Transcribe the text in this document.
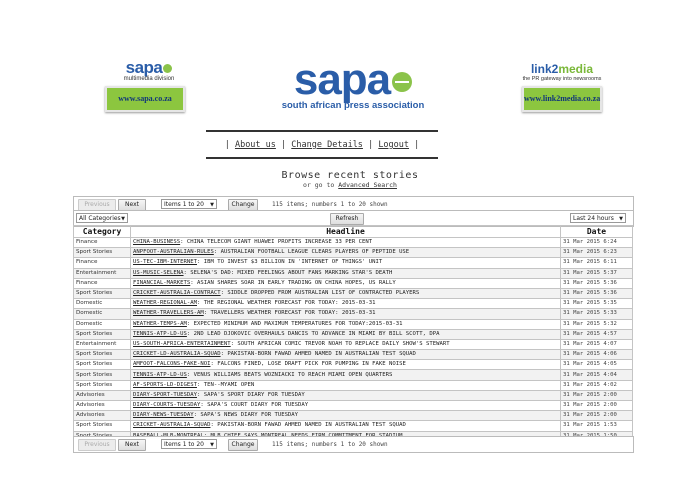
sapa
multimedia division
www.sapa.co.za	sapa
south african press association
link2media
the PR gateway into newsrooms
www.link2media.co.za
| About us | Change Details | Logout |
Browse recent stories
or go to Advanced Search
Previous	Next	Items 1 to 20 ▼	Change	115 items; numbers 1 to 20 shown
All Categories ▼	Refresh	Last 24 hours ▼
Category	Headline	Date
Finance	CHINA-BUSINESS: CHINA TELECOM GIANT HUAWEI PROFITS INCREASE 33 PER CENT	31 Mar 2015 6:24
Sport Stories	ANPFOOT-AUSTRALIAN-RULES: AUSTRALIAN FOOTBALL LEAGUE CLEARS PLAYERS OF PEPTIDE USE	31 Mar 2015 6:23
Finance	US-TEC-IBM-INTERNET: IBM TO INVEST $3 BILLION IN 'INTERNET OF THINGS' UNIT	31 Mar 2015 6:11
Entertainment	US-MUSIC-SELENA: SELENA'S DAD: MIXED FEELINGS ABOUT FANS MARKING STAR'S DEATH	31 Mar 2015 5:37
Finance	FINANCIAL-MARKETS: ASIAN SHARES SOAR IN EARLY TRADING ON CHINA HOPES, US RALLY	31 Mar 2015 5:36
Sport Stories	CRICKET-AUSTRALIA-CONTRACT: SIDDLE DROPPED FROM AUSTRALIAN LIST OF CONTRACTED PLAYERS	31 Mar 2015 5:36
Domestic	WEATHER-REGIONAL-AM: THE REGIONAL WEATHER FORECAST FOR TODAY: 2015-03-31	31 Mar 2015 5:35
Domestic	WEATHER-TRAVELLERS-AM: TRAVELLERS WEATHER FORECAST FOR TODAY: 2015-03-31	31 Mar 2015 5:33
Domestic	WEATHER-TEMPS-AM: EXPECTED MINIMUM AND MAXIMUM TEMPERATURES FOR TODAY:2015-03-31	31 Mar 2015 5:32
Sport Stories	TENNIS-ATP-LD-US: 2ND LEAD DJOKOVIC OVERHAULS DANCIS TO ADVANCE IN MIAMI BY BILL SCOTT, DPA	31 Mar 2015 4:57
Entertainment	US-SOUTH-AFRICA-ENTERTAINMENT: SOUTH AFRICAN COMIC TREVOR NOAH TO REPLACE DAILY SHOW'S STEWART	31 Mar 2015 4:07
Sport Stories	CRICKET-LD-AUSTRALIA-SQUAD: PAKISTAN-BORN FAWAD AHMED NAMED IN AUSTRALIAN TEST SQUAD	31 Mar 2015 4:06
Sport Stories	AMFOOT-FALCONS-FAKE-NOI: FALCONS FINED, LOSE DRAFT PICK FOR PUMPING IN FAKE NOISE	31 Mar 2015 4:05
Sport Stories	TENNIS-ATP-LD-US: VENUS WILLIAMS BEATS WOZNIACKI TO REACH MIAMI OPEN QUARTERS	31 Mar 2015 4:04
Sport Stories	AF-SPORTS-LD-DIGEST: TEN--MYAMI OPEN	31 Mar 2015 4:02
Advisories	DIARY-SPORT-TUESDAY: SAPA'S SPORT DIARY FOR TUESDAY	31 Mar 2015 2:00
Advisories	DIARY-COURTS-TUESDAY: SAPA'S COURT DIARY FOR TUESDAY	31 Mar 2015 2:00
Advisories	DIARY-NEWS-TUESDAY: SAPA'S NEWS DIARY FOR TUESDAY	31 Mar 2015 2:00
Sport Stories	CRICKET-AUSTRALIA-SQUAD: PAKISTAN-BORN FAWAD AHMED NAMED IN AUSTRALIAN TEST SQUAD	31 Mar 2015 1:53

Previous	Next	Items 1 to 20 ▼	Change	115 items; numbers 1 to 20 shown
